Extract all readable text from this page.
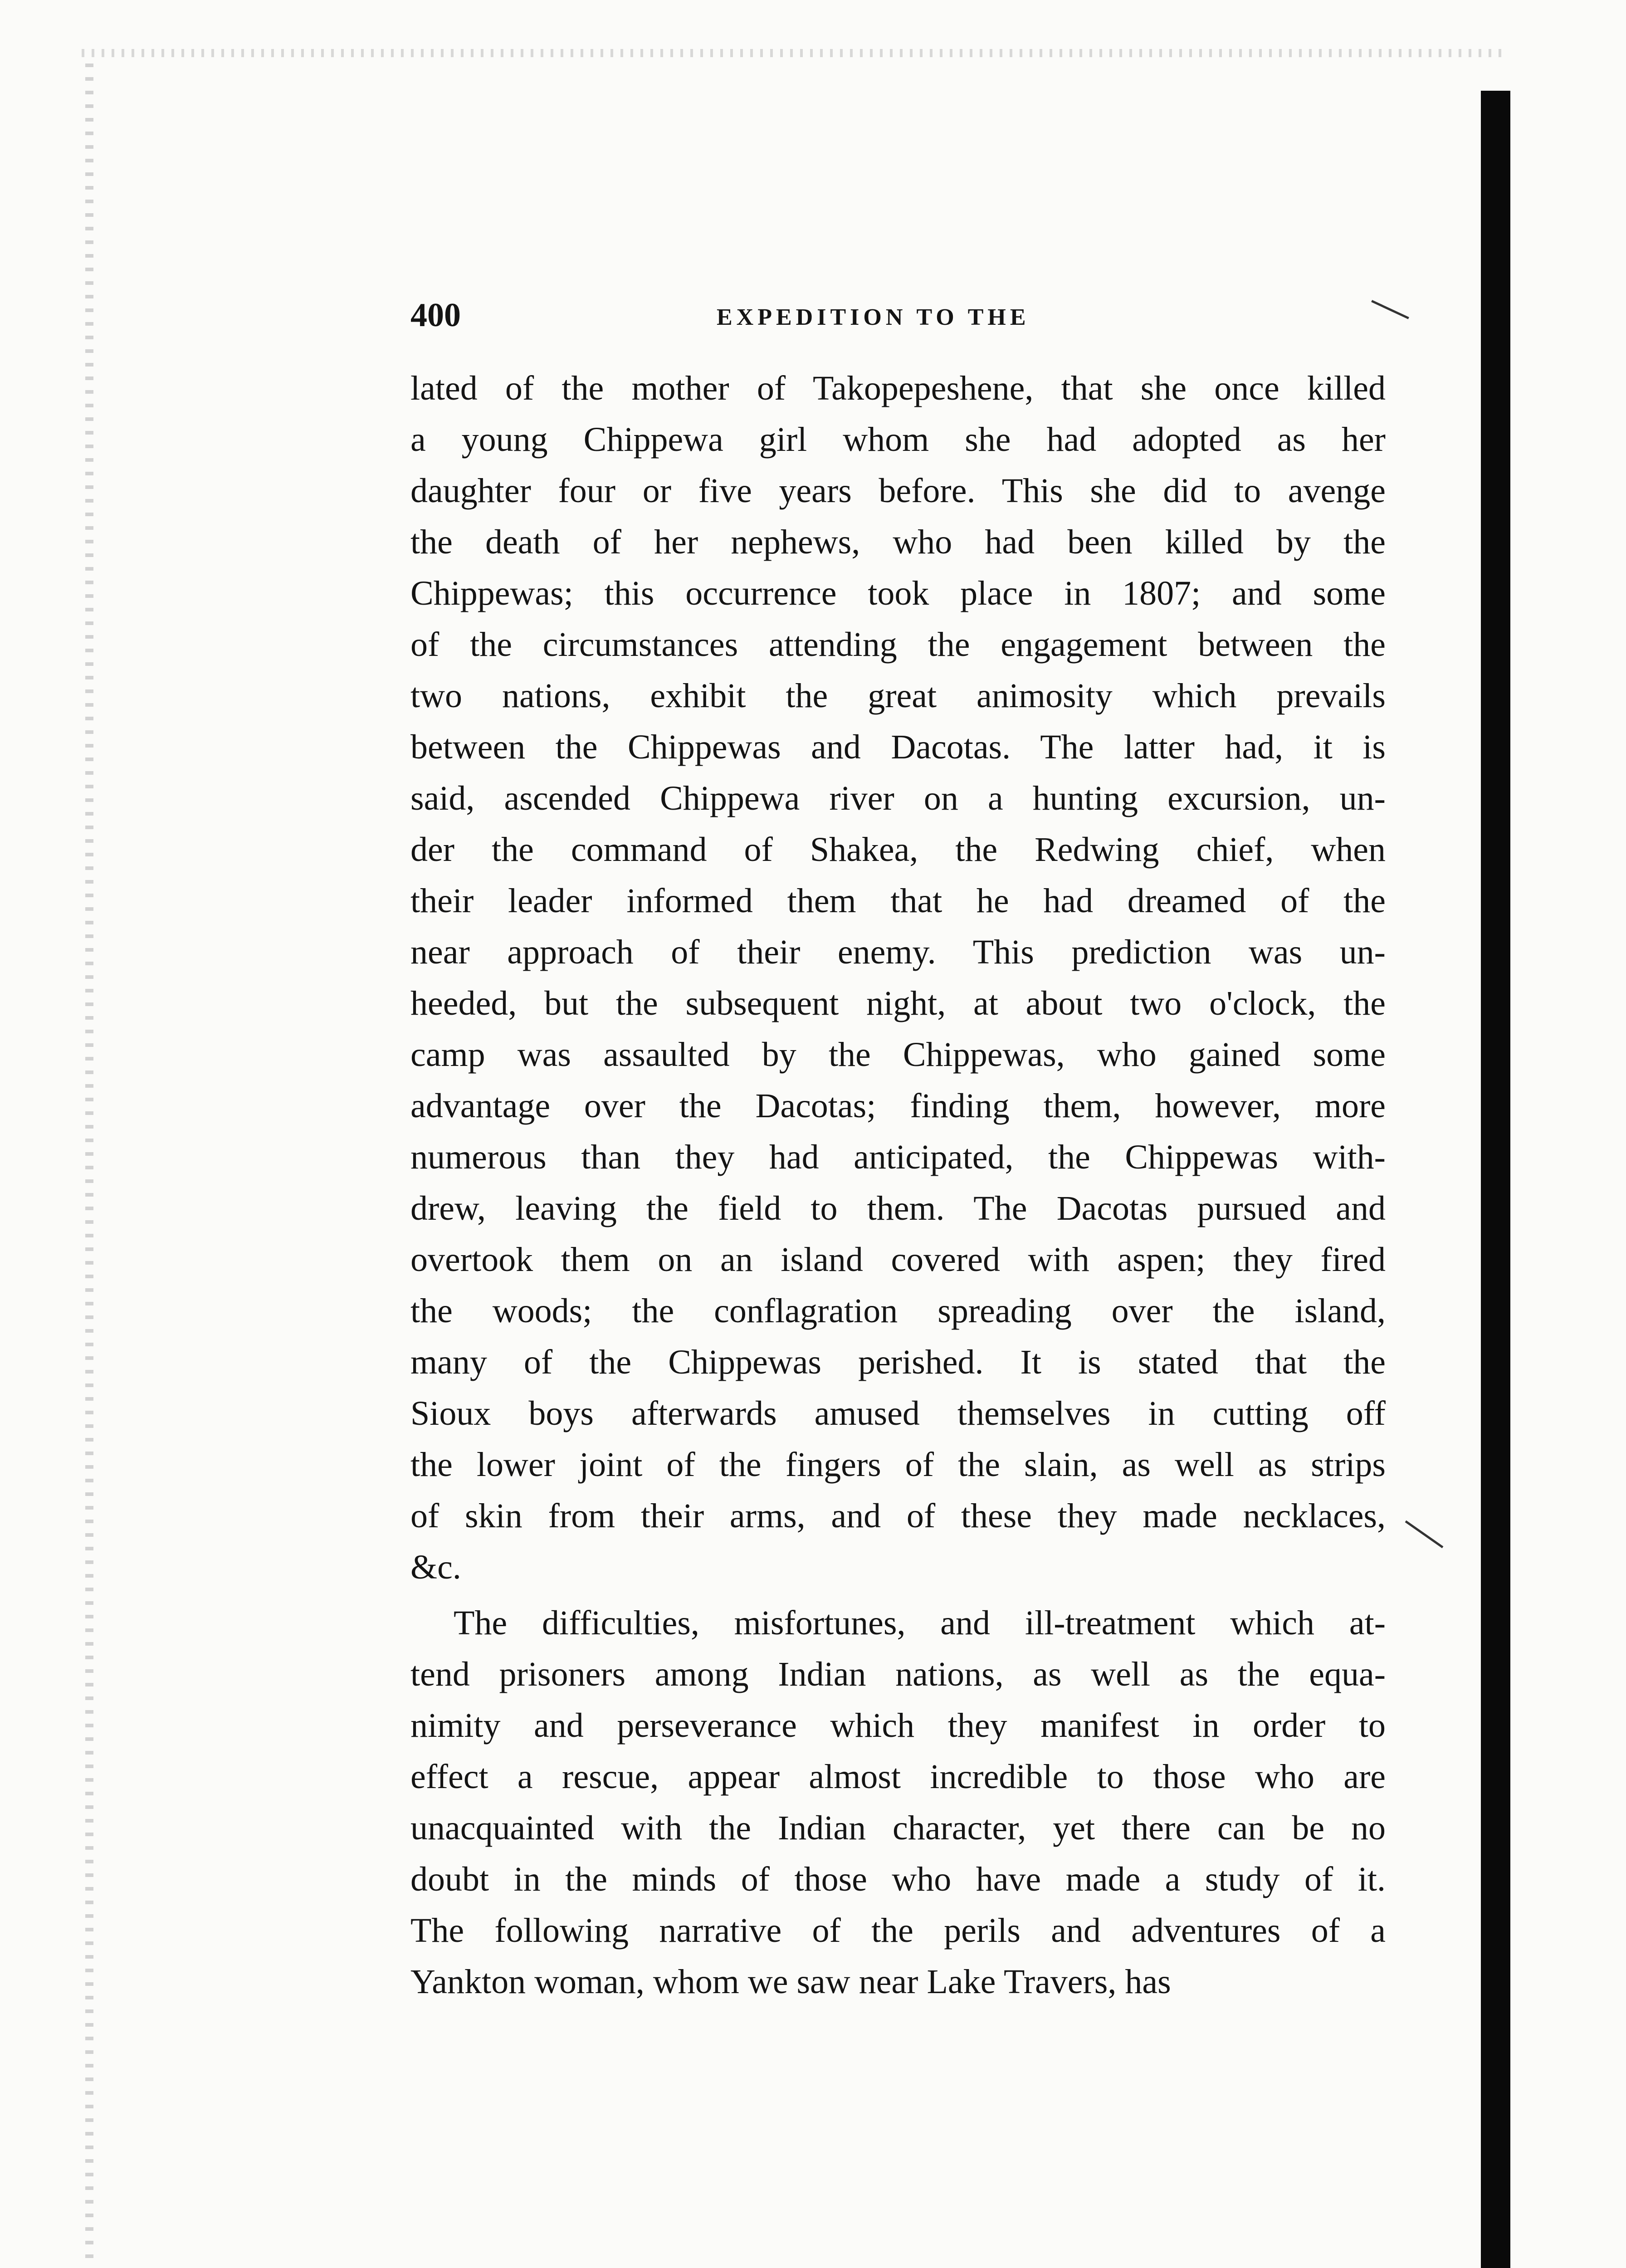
400	EXPEDITION TO THE
lated of the mother of Takopepeshene, that she once killed
a young Chippewa girl whom she had adopted as her
daughter four or five years before. This she did to avenge
the death of her nephews, who had been killed by the
Chippewas; this occurrence took place in 1807; and some
of the circumstances attending the engagement between the
two nations, exhibit the great animosity which prevails
between the Chippewas and Dacotas. The latter had, it is
said, ascended Chippewa river on a hunting excursion, un-
der the command of Shakea, the Redwing chief, when
their leader informed them that he had dreamed of the
near approach of their enemy. This prediction was un-
heeded, but the subsequent night, at about two o'clock, the
camp was assaulted by the Chippewas, who gained some
advantage over the Dacotas; finding them, however, more
numerous than they had anticipated, the Chippewas with-
drew, leaving the field to them. The Dacotas pursued and
overtook them on an island covered with aspen; they fired
the woods; the conflagration spreading over the island,
many of the Chippewas perished. It is stated that the
Sioux boys afterwards amused themselves in cutting off
the lower joint of the fingers of the slain, as well as strips
of skin from their arms, and of these they made necklaces,
&c.
The difficulties, misfortunes, and ill-treatment which at-
tend prisoners among Indian nations, as well as the equa-
nimity and perseverance which they manifest in order to
effect a rescue, appear almost incredible to those who are
unacquainted with the Indian character, yet there can be no
doubt in the minds of those who have made a study of it.
The following narrative of the perils and adventures of a
Yankton woman, whom we saw near Lake Travers, has
